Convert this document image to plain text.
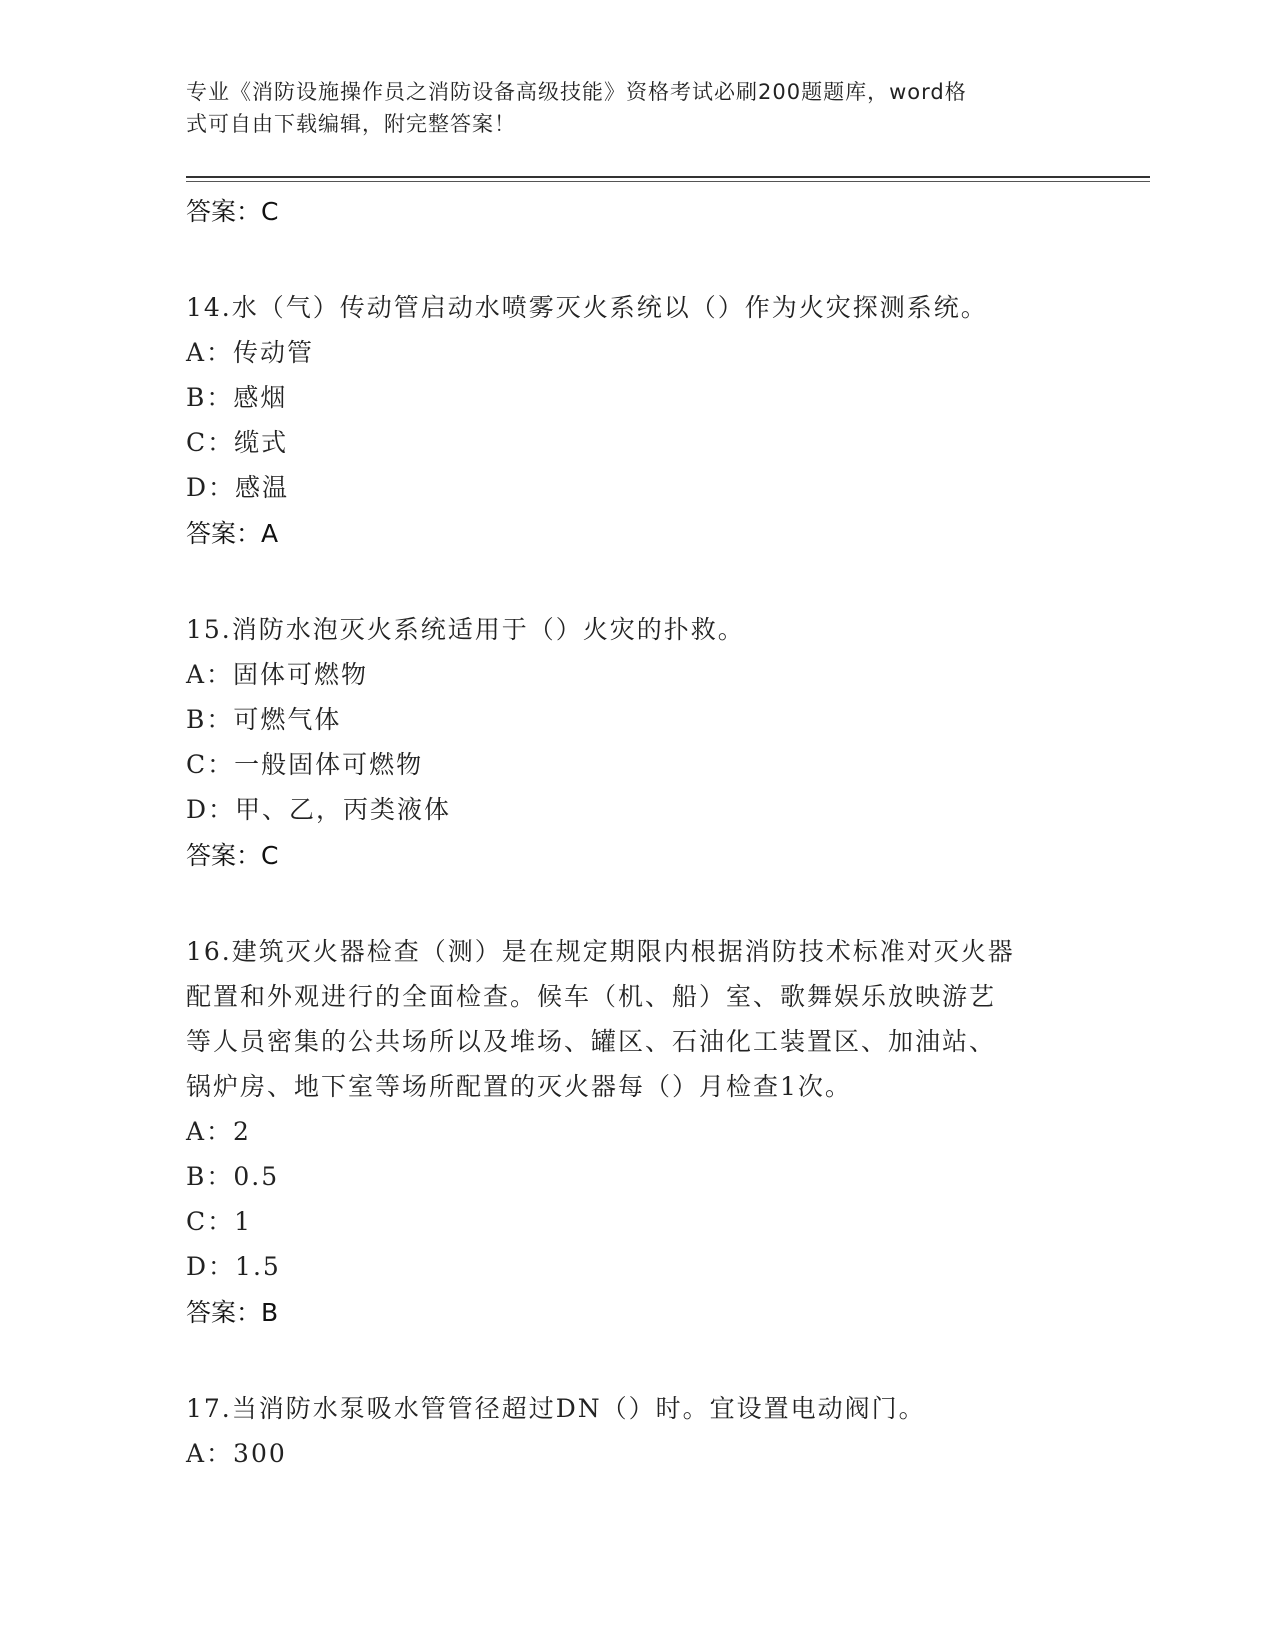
专业《消防设施操作员之消防设备高级技能》资格考试必刷200题题库，word格
式可自由下载编辑，附完整答案！
答案：C
14.水（气）传动管启动水喷雾灭火系统以（）作为火灾探测系统。
A：传动管
B：感烟
C：缆式
D：感温
答案：A
15.消防水泡灭火系统适用于（）火灾的扑救。
A：固体可燃物
B：可燃气体
C：一般固体可燃物
D：甲、乙，丙类液体
答案：C
16.建筑灭火器检查（测）是在规定期限内根据消防技术标准对灭火器
配置和外观进行的全面检查。候车（机、船）室、歌舞娱乐放映游艺
等人员密集的公共场所以及堆场、罐区、石油化工装置区、加油站、
锅炉房、地下室等场所配置的灭火器每（）月检查1次。
A：2
B：0.5
C：1
D：1.5
答案：B
17.当消防水泵吸水管管径超过DN（）时。宜设置电动阀门。
A：300
